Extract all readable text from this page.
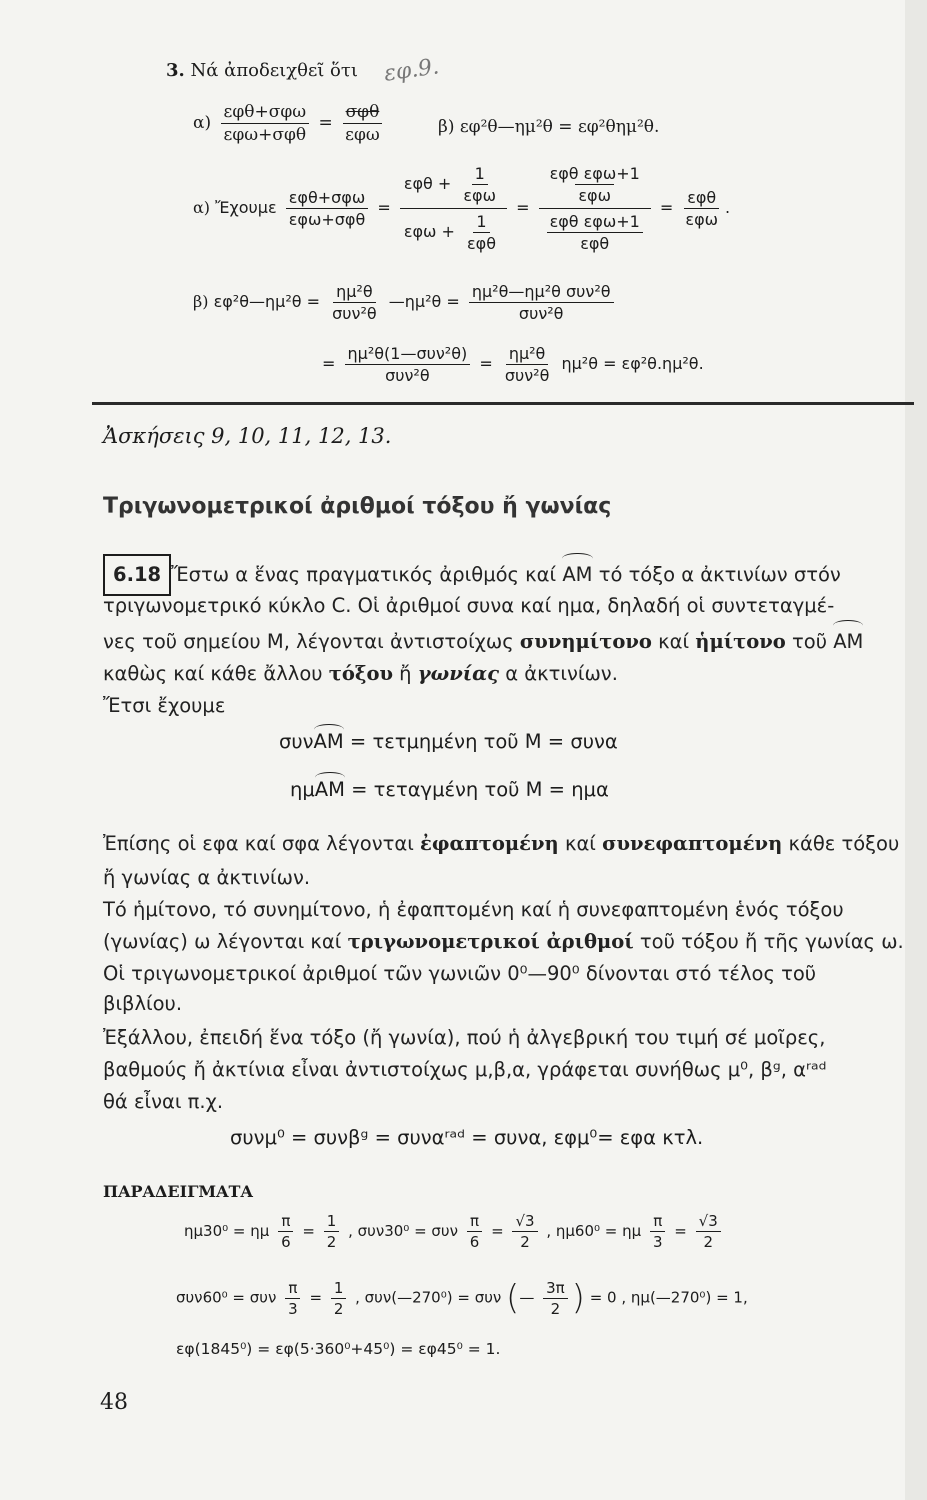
3. Νά ἀποδειχθεῖ ὅτι εφ.9.
$\alpha) \frac{\text{εφθ+σφω}}{\text{εφω+σφθ}} = \frac{\text{σφθ}}{\text{εφω}}$	β) εφ²θ—ημ²θ = εφ²θημ²θ.
α) Ἔχουμε $\frac{\text{εφθ+σφω}}{\text{εφω+σφθ}} = \frac{\varepsilon\varphi\theta + \frac{1}{\text{εφω}}}{\varepsilon\varphi\omega + \frac{1}{\text{εφθ}}} = \frac{\frac{\text{εφθ εφω+1}}{\text{εφω}}}{\frac{\text{εφθ εφω+1}}{\text{εφθ}}} = \frac{\text{εφθ}}{\text{εφω}}$ .
β) εφ²θ—ημ²θ = $\frac{\text{ημ²θ}}{\text{συν²θ}}$ —ημ²θ = $\frac{\text{ημ²θ—ημ²θ συν²θ}}{\text{συν²θ}}$
= $\frac{\text{ημ²θ(1—συν²θ)}}{\text{συν²θ}} = \frac{\text{ημ²θ}}{\text{συν²θ}} \eta\mu^2\theta = \varepsilon\varphi^2\theta.\eta\mu^2\theta$.
Ἀσκήσεις 9, 10, 11, 12, 13.
Τριγωνομετρικοί ἀριθμοί τόξου ἤ γωνίας
6.18 Ἔστω α ἕνας πραγματικός ἀριθμός καί AM τό τόξο α ἀκτινίων στόν
τριγωνομετρικό κύκλο C. Οἱ ἀριθμοί συνα καί ημα, δηλαδή οἱ συντεταγμέ-
νες τοῦ σημείου Μ, λέγονται ἀντιστοίχως συνημίτονο καί ἡμίτονο τοῦ AM
καθὼς καί κάθε ἄλλου τόξου ἤ γωνίας α ἀκτινίων.
Ἔτσι ἔχουμε
συνAM = τετμημένη τοῦ Μ = συνα
ημAM = τεταγμένη τοῦ Μ = ημα
Ἐπίσης οἱ εφα καί σφα λέγονται ἐφαπτομένη καί συνεφαπτομένη κάθε τόξου
ἤ γωνίας α ἀκτινίων.
Τό ἡμίτονο, τό συνημίτονο, ἡ ἐφαπτομένη καί ἡ συνεφαπτομένη ἑνός τόξου
(γωνίας) ω λέγονται καί τριγωνομετρικοί ἀριθμοί τοῦ τόξου ἤ τῆς γωνίας ω.
Οἱ τριγωνομετρικοί ἀριθμοί τῶν γωνιῶν 0⁰—90⁰ δίνονται στό τέλος τοῦ
βιβλίου.
Ἐξάλλου, ἐπειδή ἕνα τόξο (ἤ γωνία), πού ἡ ἀλγεβρική του τιμή σέ μοῖρες,
βαθμούς ἤ ἀκτίνια εἶναι ἀντιστοίχως μ,β,α, γράφεται συνήθως μ⁰, βᵍ, αʳᵃᵈ
θά εἶναι π.χ.
συνμ⁰ = συνβᵍ = συναʳᵃᵈ = συνα, εφμ⁰= εφα κτλ.
ΠΑΡΑΔΕΙΓΜΑΤΑ
ημ30⁰ = ημ $\frac{\pi}{6} = \frac{1}{2}$ , συν30⁰ = συν $\frac{\pi}{6} = \frac{√3}{2}$ , ημ60⁰ = ημ $\frac{\pi}{3} = \frac{√3}{2}$
συν60⁰ = συν $\frac{\pi}{3} = \frac{1}{2}$ , συν(—270⁰) = συν (— $\frac{3\pi}{2}$ ) = 0 , ημ(—270⁰) = 1,
εφ(1845⁰) = εφ(5·360⁰+45⁰) = εφ45⁰ = 1.
48
